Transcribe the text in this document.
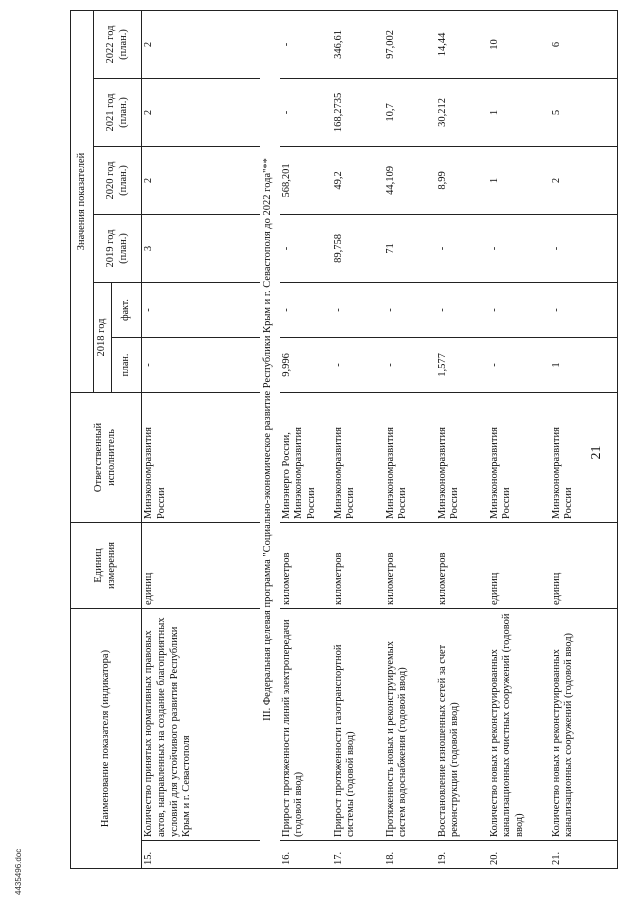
21
4435496.doc
Наименование показателя (индикатора)		Единиц измерения	Ответственный исполнитель	Значения показателей					
				2018 год		2019 год (план.)	2020 год (план.)	2021 год (план.)	2022 год (план.)
				план.	факт.				
15.	Количество принятых нормативных правовых актов, направленных на создание благоприятных условий для устойчивого развития Республики Крым и г. Севастополя	единиц	Минэкономразвития России	-	-	3	2	2	2
III. Федеральная целевая программа "Социально-экономическое развитие Республики Крым и г. Севастополя до 2022 года"**									
16.	Прирост протяженности линий электропередачи (годовой ввод)	километров	Минэнерго России, Минэкономразвития России	9,996	-	-	568,201	-	-
17.	Прирост протяженности газотранспортной системы (годовой ввод)	километров	Минэкономразвития России	-	-	89,758	49,2	168,2735	346,61
18.	Протяженность новых и реконструируемых систем водоснабжения (годовой ввод)	километров	Минэкономразвития России	-	-	71	44,109	10,7	97,002
19.	Восстановление изношенных сетей за счет реконструкции (годовой ввод)	километров	Минэкономразвития России	1,577	-	-	8,99	30,212	14,44
20.	Количество новых и реконструированных канализационных очистных сооружений (годовой ввод)	единиц	Минэкономразвития России	-	-	-	1	1	10
21.	Количество новых и реконструированных канализационных сооружений (годовой ввод)	единиц	Минэкономразвития России	1	-	-	2	5	6
